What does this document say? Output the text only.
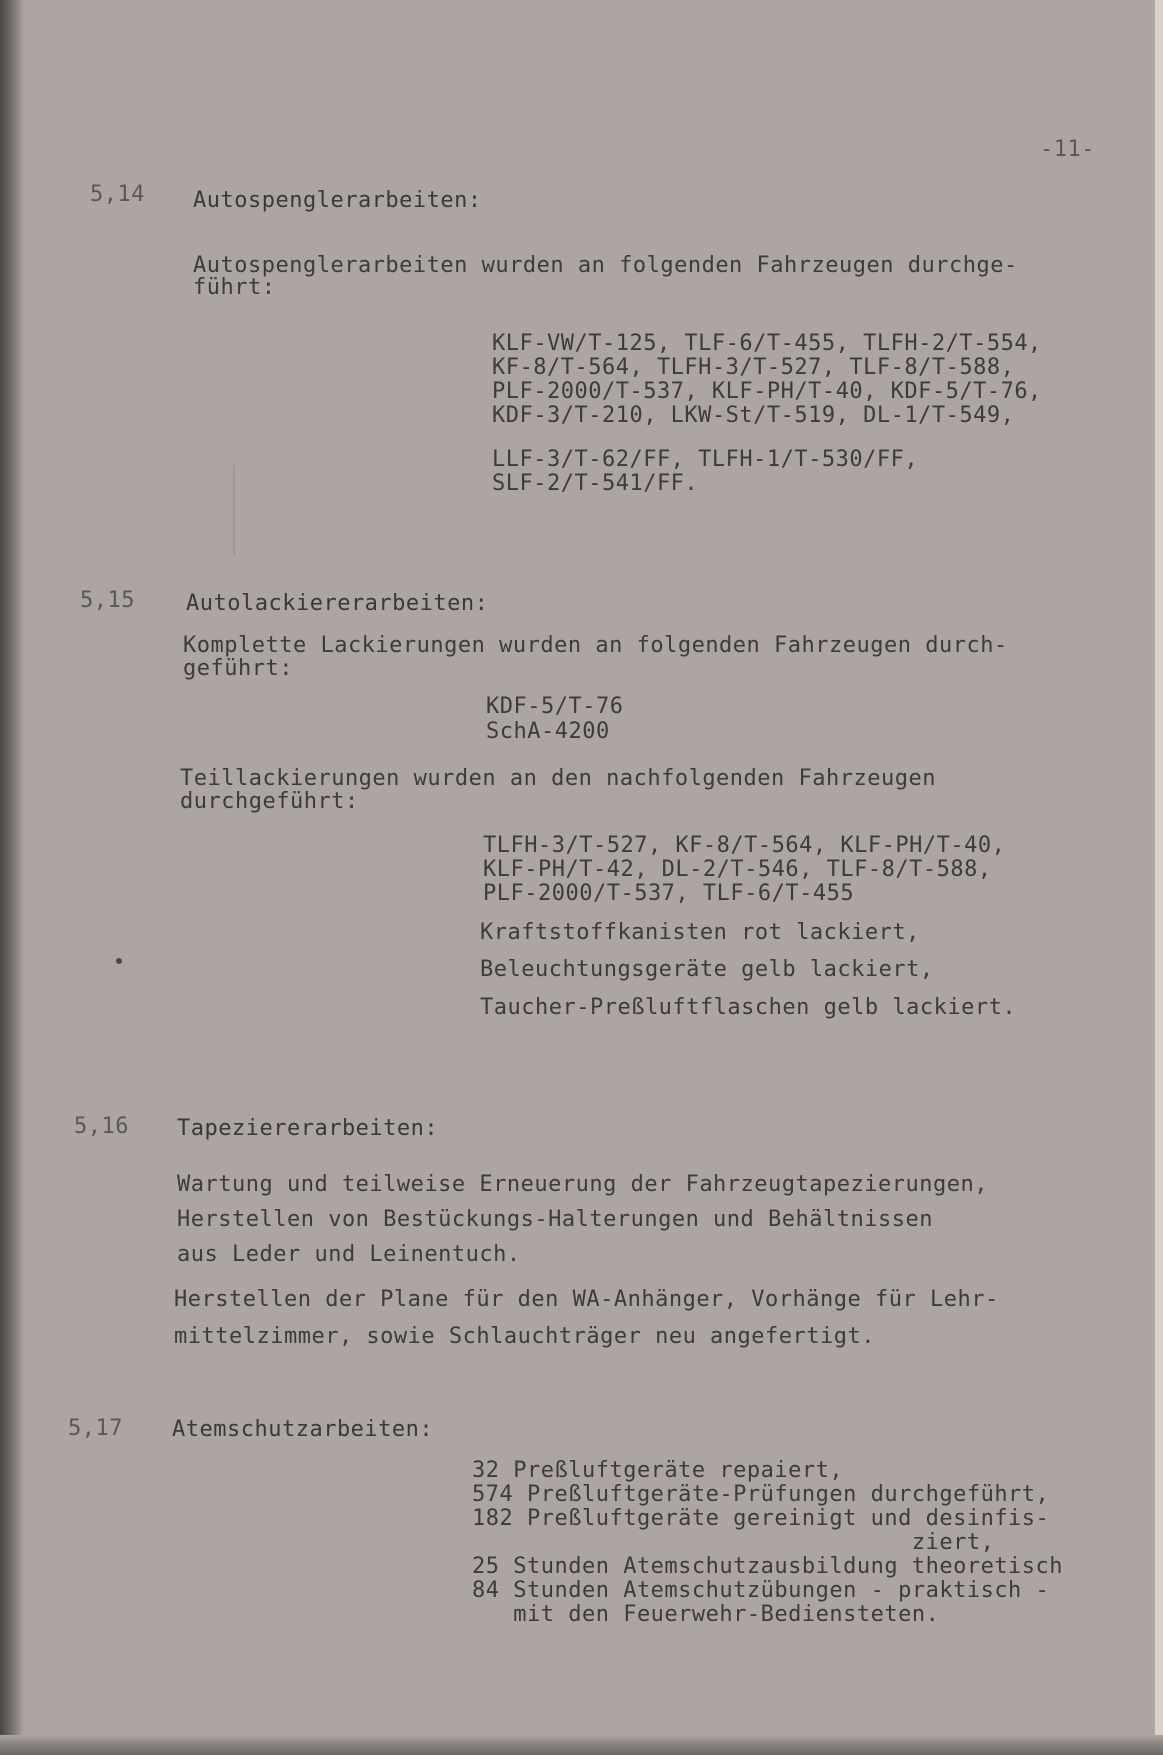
-11-
5,14 Autospenglerarbeiten:
Autospenglerarbeiten wurden an folgenden Fahrzeugen durchge-
führt:
KLF-VW/T-125, TLF-6/T-455, TLFH-2/T-554,
KF-8/T-564, TLFH-3/T-527, TLF-8/T-588,
PLF-2000/T-537, KLF-PH/T-40, KDF-5/T-76,
KDF-3/T-210, LKW-St/T-519, DL-1/T-549,
LLF-3/T-62/FF, TLFH-1/T-530/FF,
SLF-2/T-541/FF.
5,15 Autolackiererarbeiten:
Komplette Lackierungen wurden an folgenden Fahrzeugen durch-
geführt:
KDF-5/T-76
SchA-4200
Teillackierungen wurden an den nachfolgenden Fahrzeugen
durchgeführt:
TLFH-3/T-527, KF-8/T-564, KLF-PH/T-40,
KLF-PH/T-42, DL-2/T-546, TLF-8/T-588,
PLF-2000/T-537, TLF-6/T-455
Kraftstoffkanisten rot lackiert,
Beleuchtungsgeräte gelb lackiert,
Taucher-Preßluftflaschen gelb lackiert.
5,16 Tapeziererarbeiten:
Wartung und teilweise Erneuerung der Fahrzeugtapezierungen,
Herstellen von Bestückungs-Halterungen und Behältnissen
aus Leder und Leinentuch.
Herstellen der Plane für den WA-Anhänger, Vorhänge für Lehr-
mittelzimmer, sowie Schlauchträger neu angefertigt.
5,17 Atemschutzarbeiten:
32 Preßluftgeräte repaiert,
574 Preßluftgeräte-Prüfungen durchgeführt,
182 Preßluftgeräte gereinigt und desinfis-
ziert,
25 Stunden Atemschutzausbildung theoretisch
84 Stunden Atemschutzübungen - praktisch -
mit den Feuerwehr-Bediensteten.
